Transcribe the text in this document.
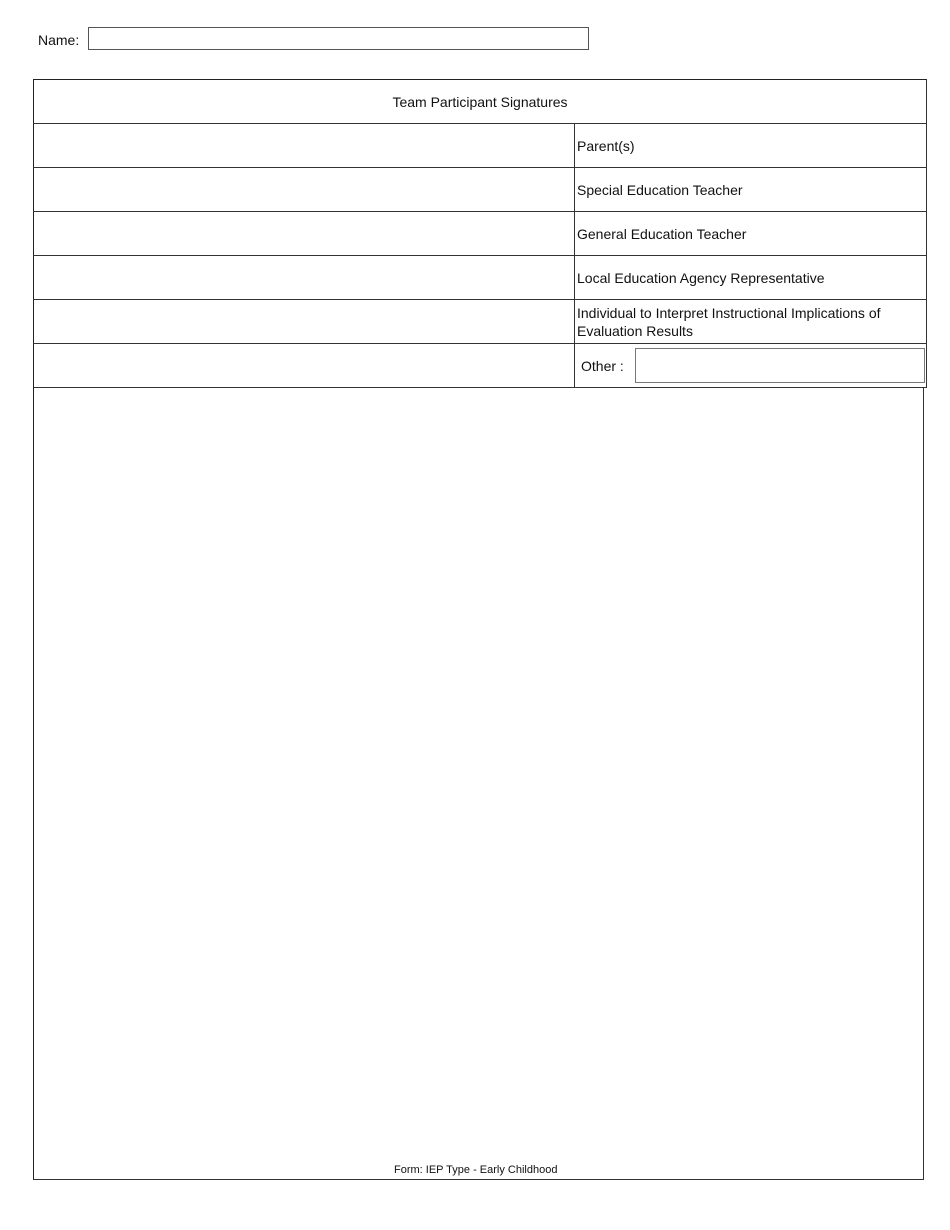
Name:
Team Participant Signatures	
	Parent(s)
	Special Education Teacher
	General Education Teacher
	Local Education Agency Representative
	Individual to Interpret Instructional Implications of Evaluation Results

	Other :
Form: IEP Type - Early Childhood
